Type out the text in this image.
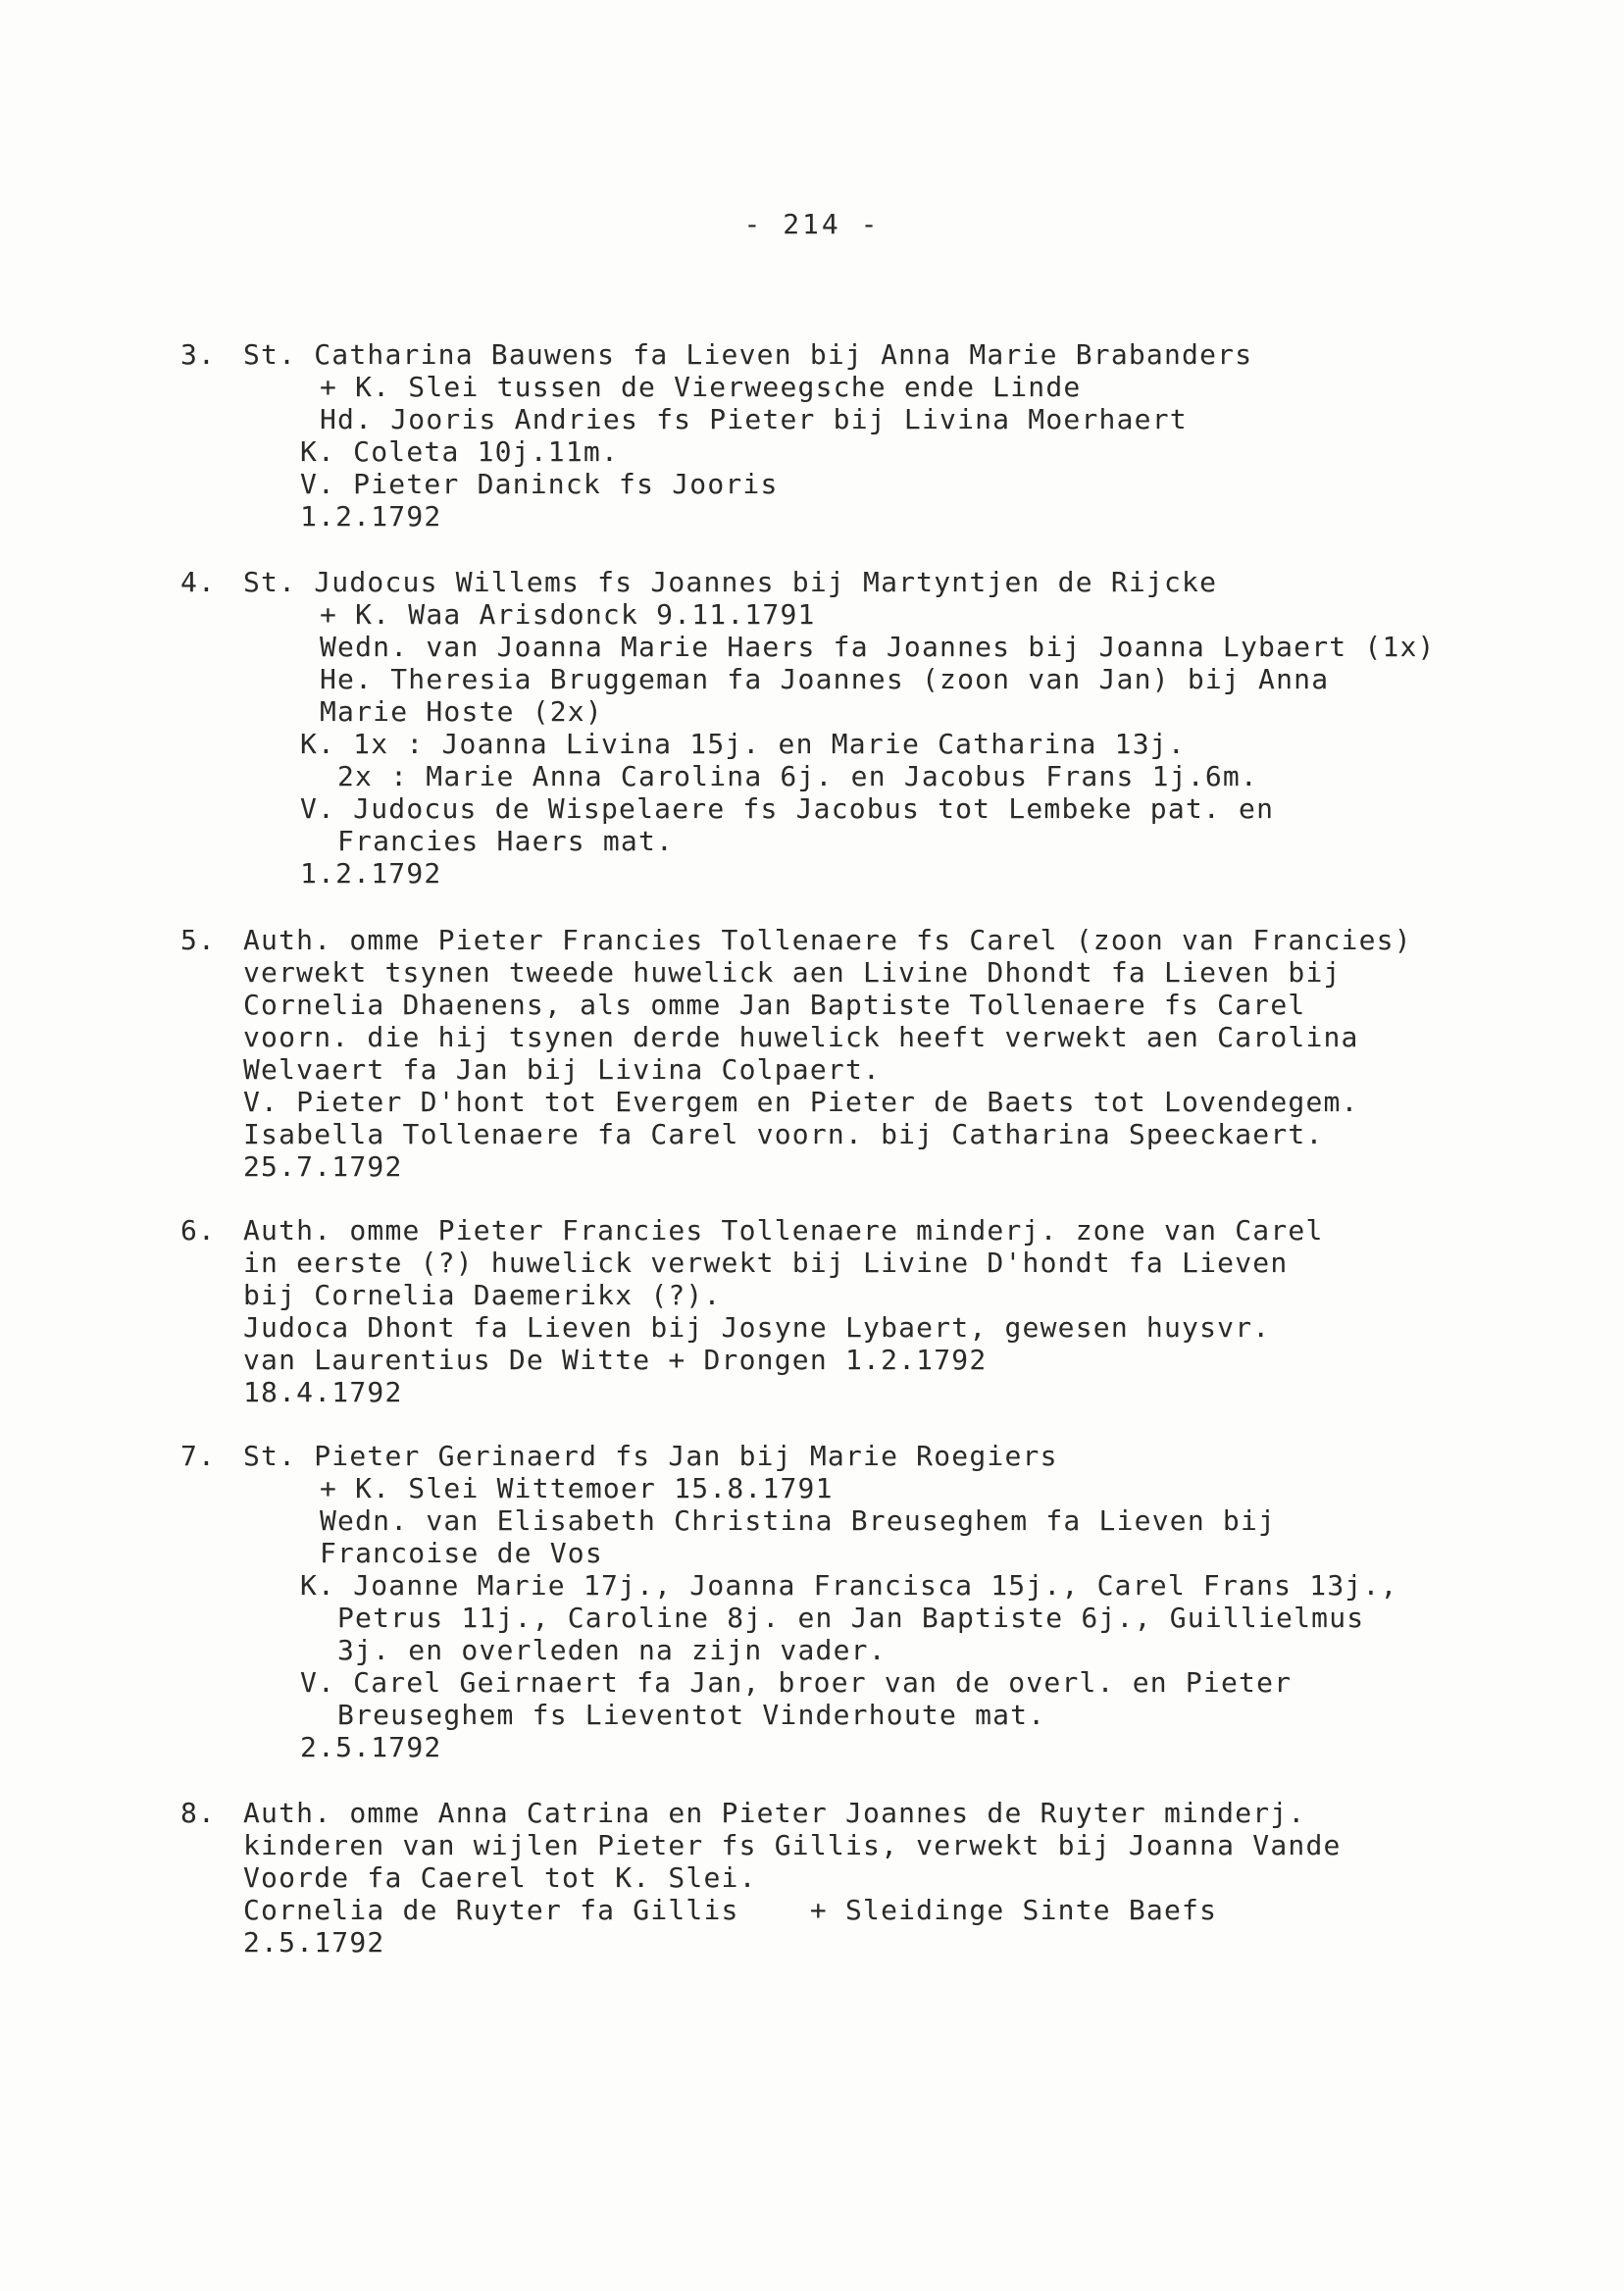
- 214 -
3. St. Catharina Bauwens fa Lieven bij Anna Marie Brabanders
+ K. Slei tussen de Vierweegsche ende Linde
Hd. Jooris Andries fs Pieter bij Livina Moerhaert
K. Coleta 10j.11m.
V. Pieter Daninck fs Jooris
1.2.1792
4. St. Judocus Willems fs Joannes bij Martyntjen de Rijcke
+ K. Waa Arisdonck 9.11.1791
Wedn. van Joanna Marie Haers fa Joannes bij Joanna Lybaert (1x)
He. Theresia Bruggeman fa Joannes (zoon van Jan) bij Anna
Marie Hoste (2x)
K. 1x : Joanna Livina 15j. en Marie Catharina 13j.
2x : Marie Anna Carolina 6j. en Jacobus Frans 1j.6m.
V. Judocus de Wispelaere fs Jacobus tot Lembeke pat. en
Francies Haers mat.
1.2.1792
5. Auth. omme Pieter Francies Tollenaere fs Carel (zoon van Francies)
verwekt tsynen tweede huwelick aen Livine Dhondt fa Lieven bij
Cornelia Dhaenens, als omme Jan Baptiste Tollenaere fs Carel
voorn. die hij tsynen derde huwelick heeft verwekt aen Carolina
Welvaert fa Jan bij Livina Colpaert.
V. Pieter D'hont tot Evergem en Pieter de Baets tot Lovendegem.
Isabella Tollenaere fa Carel voorn. bij Catharina Speeckaert.
25.7.1792
6. Auth. omme Pieter Francies Tollenaere minderj. zone van Carel
in eerste (?) huwelick verwekt bij Livine D'hondt fa Lieven
bij Cornelia Daemerikx (?).
Judoca Dhont fa Lieven bij Josyne Lybaert, gewesen huysvr.
van Laurentius De Witte + Drongen 1.2.1792
18.4.1792
7. St. Pieter Gerinaerd fs Jan bij Marie Roegiers
+ K. Slei Wittemoer 15.8.1791
Wedn. van Elisabeth Christina Breuseghem fa Lieven bij
Francoise de Vos
K. Joanne Marie 17j., Joanna Francisca 15j., Carel Frans 13j.,
Petrus 11j., Caroline 8j. en Jan Baptiste 6j., Guillielmus
3j. en overleden na zijn vader.
V. Carel Geirnaert fa Jan, broer van de overl. en Pieter
Breuseghem fs Lieventot Vinderhoute mat.
2.5.1792
8. Auth. omme Anna Catrina en Pieter Joannes de Ruyter minderj.
kinderen van wijlen Pieter fs Gillis, verwekt bij Joanna Vande
Voorde fa Caerel tot K. Slei.
Cornelia de Ruyter fa Gillis    + Sleidinge Sinte Baefs
2.5.1792
